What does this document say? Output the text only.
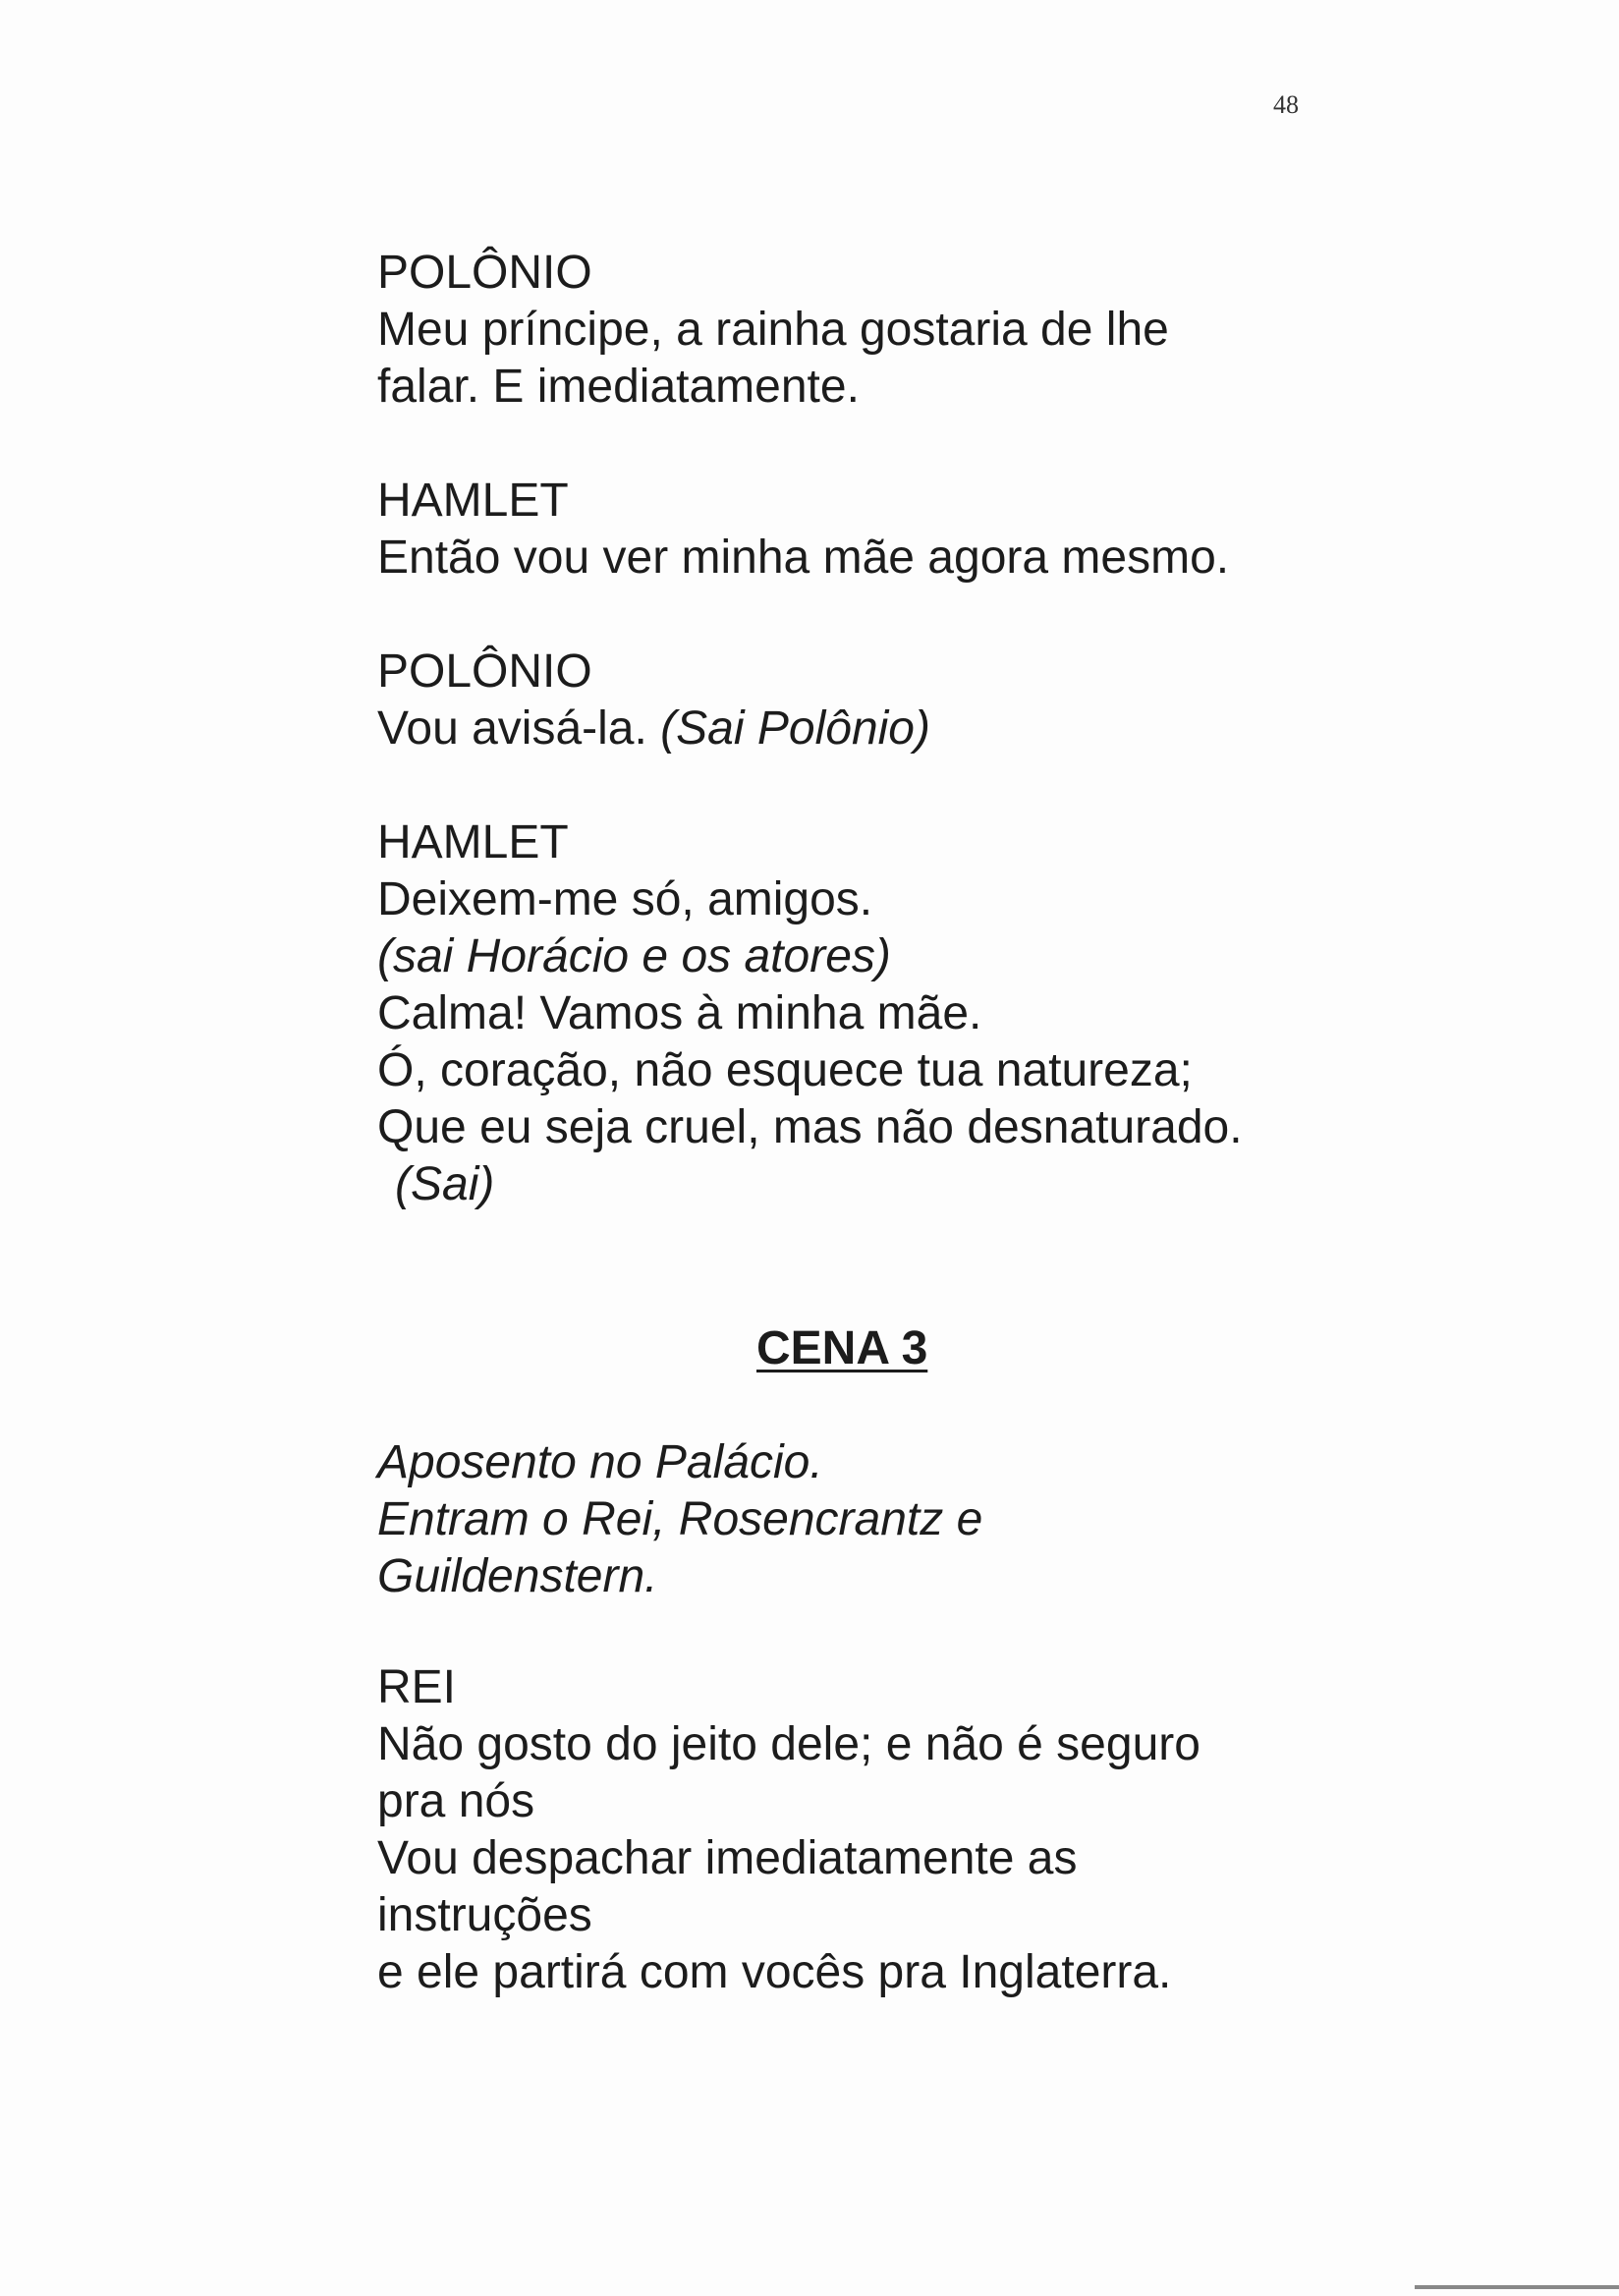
48
POLÔNIO
Meu príncipe, a rainha gostaria de lhe
falar. E imediatamente.
HAMLET
Então vou ver minha mãe agora mesmo.
POLÔNIO
Vou avisá-la. (Sai Polônio)
HAMLET
Deixem-me só, amigos.
(sai Horácio e os atores)
Calma! Vamos à minha mãe.
Ó, coração, não esquece tua natureza;
Que eu seja cruel, mas não desnaturado.
(Sai)
CENA 3
Aposento no Palácio.
Entram o Rei, Rosencrantz e
Guildenstern.
REI
Não gosto do jeito dele; e não é seguro
pra nós
Vou despachar imediatamente as
instruções
e ele partirá com vocês pra Inglaterra.
